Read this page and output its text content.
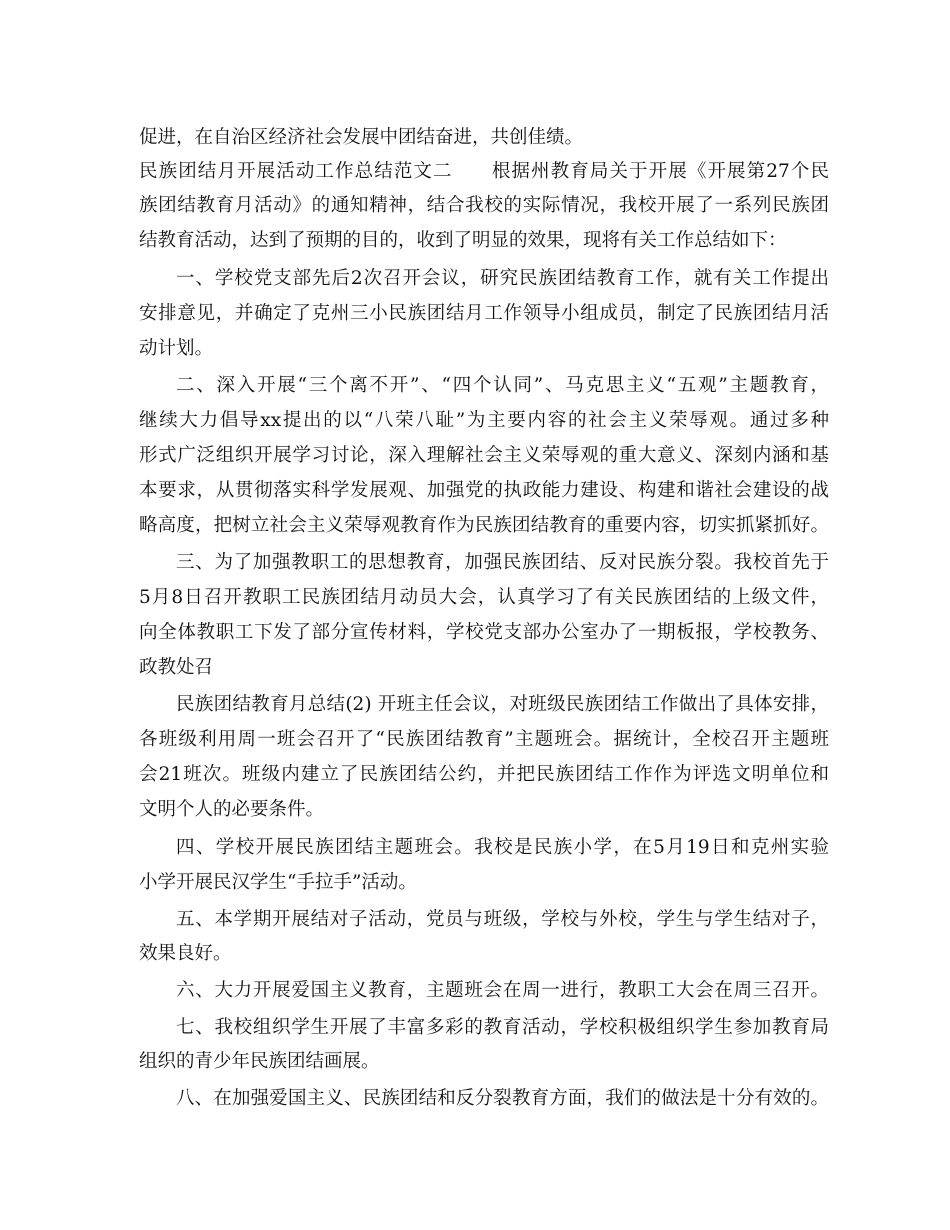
促进，在自治区经济社会发展中团结奋进，共创佳绩。
民族团结月开展活动工作总结范文二　　根据州教育局关于开展《开展第27个民
族团结教育月活动》的通知精神，结合我校的实际情况，我校开展了一系列民族团
结教育活动，达到了预期的目的，收到了明显的效果，现将有关工作总结如下：
一、学校党支部先后2次召开会议，研究民族团结教育工作，就有关工作提出
安排意见，并确定了克州三小民族团结月工作领导小组成员，制定了民族团结月活
动计划。
二、深入开展“三个离不开”、“四个认同”、马克思主义“五观”主题教育，
继续大力倡导xx提出的以“八荣八耻”为主要内容的社会主义荣辱观。通过多种
形式广泛组织开展学习讨论，深入理解社会主义荣辱观的重大意义、深刻内涵和基
本要求，从贯彻落实科学发展观、加强党的执政能力建设、构建和谐社会建设的战
略高度，把树立社会主义荣辱观教育作为民族团结教育的重要内容，切实抓紧抓好。
三、为了加强教职工的思想教育，加强民族团结、反对民族分裂。我校首先于
5月8日召开教职工民族团结月动员大会，认真学习了有关民族团结的上级文件，
向全体教职工下发了部分宣传材料，学校党支部办公室办了一期板报，学校教务、
政教处召
民族团结教育月总结(2) 开班主任会议，对班级民族团结工作做出了具体安排，
各班级利用周一班会召开了“民族团结教育”主题班会。据统计，全校召开主题班
会21班次。班级内建立了民族团结公约，并把民族团结工作作为评选文明单位和
文明个人的必要条件。
四、学校开展民族团结主题班会。我校是民族小学，在5月19日和克州实验
小学开展民汉学生“手拉手”活动。
五、本学期开展结对子活动，党员与班级，学校与外校，学生与学生结对子，
效果良好。
六、大力开展爱国主义教育，主题班会在周一进行，教职工大会在周三召开。
七、我校组织学生开展了丰富多彩的教育活动，学校积极组织学生参加教育局
组织的青少年民族团结画展。
八、在加强爱国主义、民族团结和反分裂教育方面，我们的做法是十分有效的。
